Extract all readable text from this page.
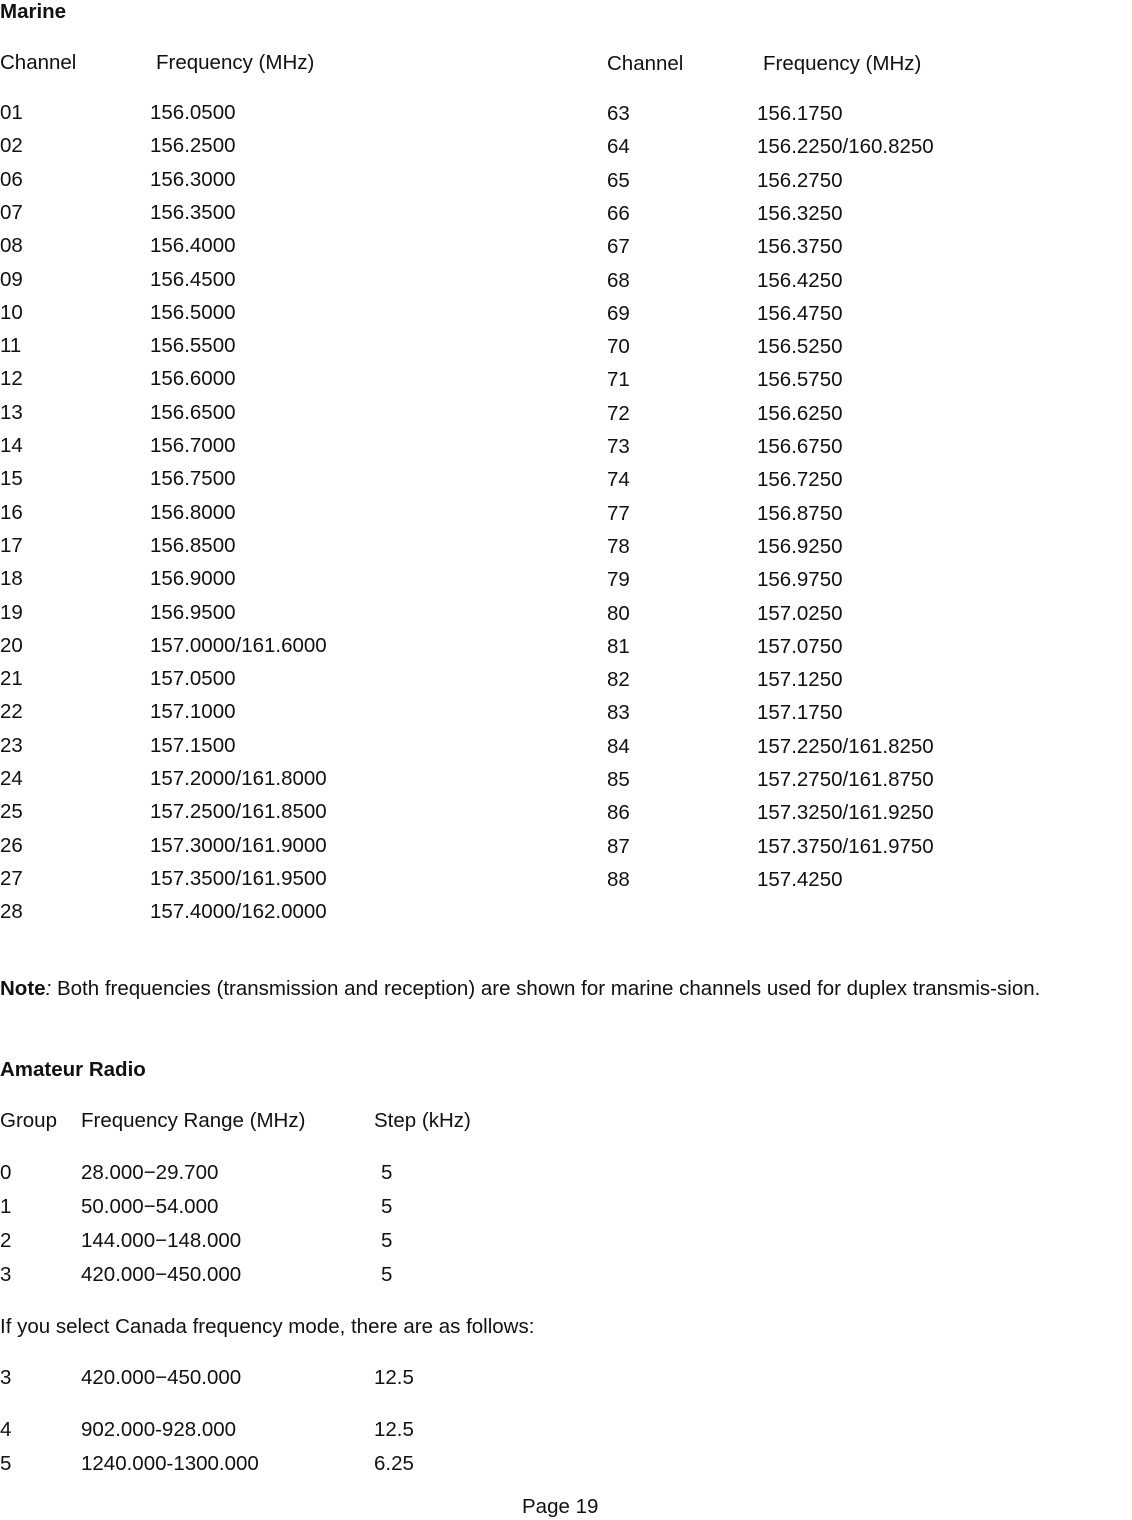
Marine
Channel	Frequency (MHz)	Channel	Frequency (MHz)
01	156.0500
02	156.2500
06	156.3000
07	156.3500
08	156.4000
09	156.4500
10	156.5000
11	156.5500
12	156.6000
13	156.6500
14	156.7000
15	156.7500
16	156.8000
17	156.8500
18	156.9000
19	156.9500
20	157.0000/161.6000
21	157.0500
22	157.1000
23	157.1500
24	157.2000/161.8000
25	157.2500/161.8500
26	157.3000/161.9000
27	157.3500/161.9500
28	157.4000/162.0000
63	156.1750
64	156.2250/160.8250
65	156.2750
66	156.3250
67	156.3750
68	156.4250
69	156.4750
70	156.5250
71	156.5750
72	156.6250
73	156.6750
74	156.7250
77	156.8750
78	156.9250
79	156.9750
80	157.0250
81	157.0750
82	157.1250
83	157.1750
84	157.2250/161.8250
85	157.2750/161.8750
86	157.3250/161.9250
87	157.3750/161.9750
88	157.4250
Note: Both frequencies (transmission and reception) are shown for marine channels used for duplex transmis-sion.
Amateur Radio
Group Frequency Range (MHz)	Step (kHz)
0	28.000−29.700	5
1	50.000−54.000	5
2	144.000−148.000	5
3	420.000−450.000	5
If you select Canada frequency mode, there are as follows:
3	420.000−450.000	12.5
4	902.000-928.000	12.5
5	1240.000-1300.000	6.25
Page 19
